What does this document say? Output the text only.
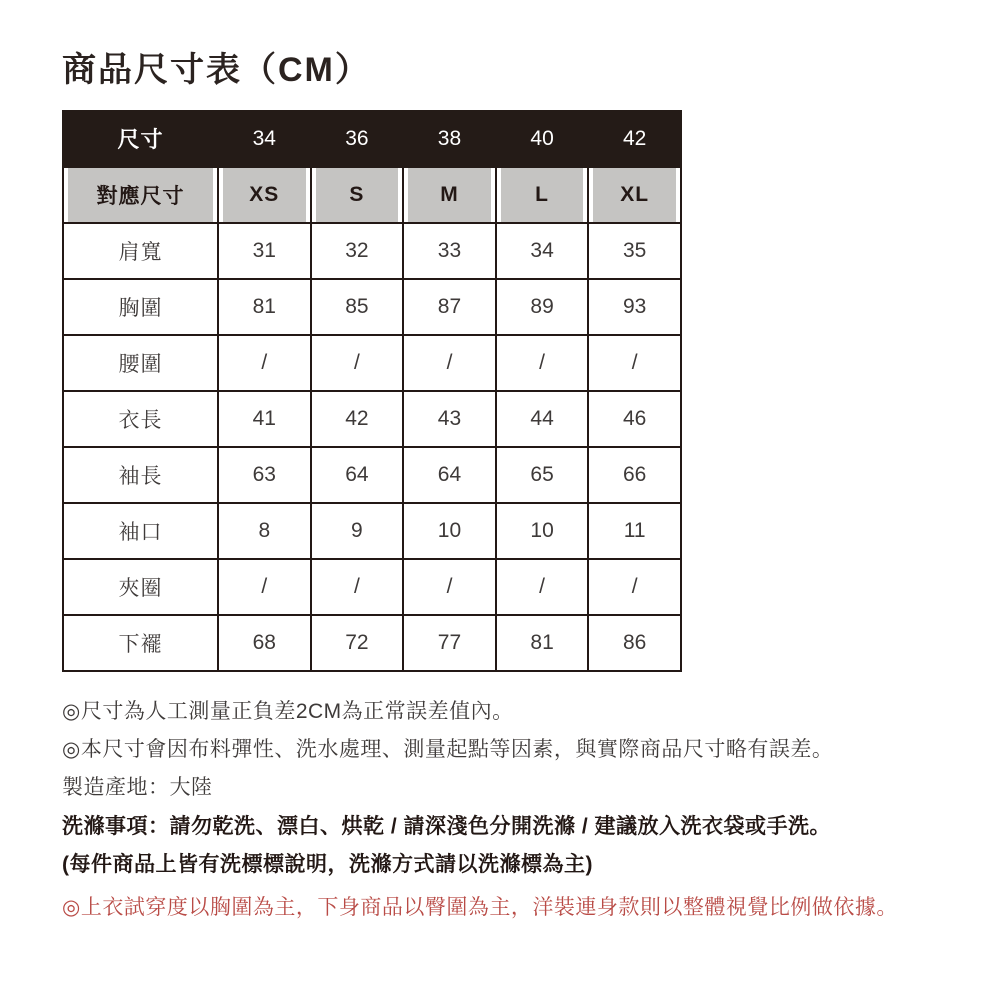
商品尺寸表（CM）
尺寸	34	36	38	40	42
對應尺寸	XS	S	M	L	XL
肩寬	31	32	33	34	35
胸圍	81	85	87	89	93
腰圍	/	/	/	/	/
衣長	41	42	43	44	46
袖長	63	64	64	65	66
袖口	8	9	10	10	11
夾圈	/	/	/	/	/
下襬	68	72	77	81	86

◎尺寸為人工測量正負差2CM為正常誤差值內。

◎本尺寸會因布料彈性、洗水處理、測量起點等因素，與實際商品尺寸略有誤差。

製造產地：大陸

洗滌事項：請勿乾洗、漂白、烘乾 / 請深淺色分開洗滌 / 建議放入洗衣袋或手洗。

(每件商品上皆有洗標標說明，洗滌方式請以洗滌標為主)

◎上衣試穿度以胸圍為主，下身商品以臀圍為主，洋裝連身款則以整體視覺比例做依據。
